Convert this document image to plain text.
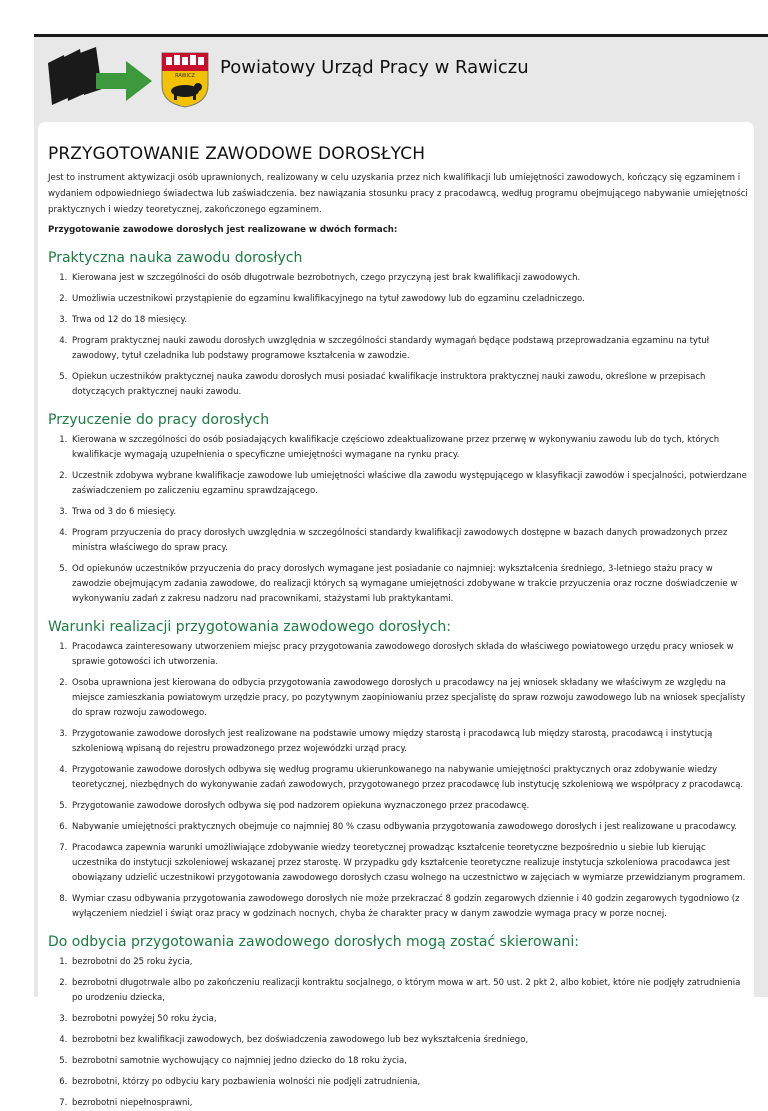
RAWICZ Powiatowy Urząd Pracy w Rawiczu
PRZYGOTOWANIE ZAWODOWE DOROSŁYCH

Jest to instrument aktywizacji osób uprawnionych, realizowany w celu uzyskania przez nich kwalifikacji lub umiejętności zawodowych, kończący się egzaminem i wydaniem odpowiedniego świadectwa lub zaświadczenia. bez nawiązania stosunku pracy z pracodawcą, według programu obejmującego nabywanie umiejętności praktycznych i wiedzy teoretycznej, zakończonego egzaminem.

Przygotowanie zawodowe dorosłych jest realizowane w dwóch formach:

Praktyczna nauka zawodu dorosłych
1. Kierowana jest w szczególności do osób długotrwale bezrobotnych, czego przyczyną jest brak kwalifikacji zawodowych.
2. Umożliwia uczestnikowi przystąpienie do egzaminu kwalifikacyjnego na tytuł zawodowy lub do egzaminu czeladniczego.
3. Trwa od 12 do 18 miesięcy.
4. Program praktycznej nauki zawodu dorosłych uwzględnia w szczególności standardy wymagań będące podstawą przeprowadzania egzaminu na tytuł zawodowy, tytuł czeladnika lub podstawy programowe kształcenia w zawodzie.
5. Opiekun uczestników praktycznej nauka zawodu dorosłych musi posiadać kwalifikacje instruktora praktycznej nauki zawodu, określone w przepisach dotyczących praktycznej nauki zawodu.
Przyuczenie do pracy dorosłych
1. Kierowana w szczególności do osób posiadających kwalifikacje częściowo zdeaktualizowane przez przerwę w wykonywaniu zawodu lub do tych, których kwalifikacje wymagają uzupełnienia o specyficzne umiejętności wymagane na rynku pracy.
2. Uczestnik zdobywa wybrane kwalifikacje zawodowe lub umiejętności właściwe dla zawodu występującego w klasyfikacji zawodów i specjalności, potwierdzane zaświadczeniem po zaliczeniu egzaminu sprawdzającego.
3. Trwa od 3 do 6 miesięcy.
4. Program przyuczenia do pracy dorosłych uwzględnia w szczególności standardy kwalifikacji zawodowych dostępne w bazach danych prowadzonych przez ministra właściwego do spraw pracy.
5. Od opiekunów uczestników przyuczenia do pracy dorosłych wymagane jest posiadanie co najmniej: wykształcenia średniego, 3-letniego stażu pracy w zawodzie obejmującym zadania zawodowe, do realizacji których są wymagane umiejętności zdobywane w trakcie przyuczenia oraz roczne doświadczenie w wykonywaniu zadań z zakresu nadzoru nad pracownikami, stażystami lub praktykantami.
Warunki realizacji przygotowania zawodowego dorosłych:
1. Pracodawca zainteresowany utworzeniem miejsc pracy przygotowania zawodowego dorosłych składa do właściwego powiatowego urzędu pracy wniosek w sprawie gotowości ich utworzenia.
2. Osoba uprawniona jest kierowana do odbycia przygotowania zawodowego dorosłych u pracodawcy na jej wniosek składany we właściwym ze względu na miejsce zamieszkania powiatowym urzędzie pracy, po pozytywnym zaopiniowaniu przez specjalistę do spraw rozwoju zawodowego lub na wniosek specjalisty do spraw rozwoju zawodowego.
3. Przygotowanie zawodowe dorosłych jest realizowane na podstawie umowy między starostą i pracodawcą lub między starostą, pracodawcą i instytucją szkoleniową wpisaną do rejestru prowadzonego przez wojewódzki urząd pracy.
4. Przygotowanie zawodowe dorosłych odbywa się według programu ukierunkowanego na nabywanie umiejętności praktycznych oraz zdobywanie wiedzy teoretycznej, niezbędnych do wykonywanie zadań zawodowych, przygotowanego przez pracodawcę lub instytucję szkoleniową we współpracy z pracodawcą.
5. Przygotowanie zawodowe dorosłych odbywa się pod nadzorem opiekuna wyznaczonego przez pracodawcę.
6. Nabywanie umiejętności praktycznych obejmuje co najmniej 80 % czasu odbywania przygotowania zawodowego dorosłych i jest realizowane u pracodawcy.
7. Pracodawca zapewnia warunki umożliwiające zdobywanie wiedzy teoretycznej prowadząc kształcenie teoretyczne bezpośrednio u siebie lub kierując uczestnika do instytucji szkoleniowej wskazanej przez starostę. W przypadku gdy kształcenie teoretyczne realizuje instytucja szkoleniowa pracodawca jest obowiązany udzielić uczestnikowi przygotowania zawodowego dorosłych czasu wolnego na uczestnictwo w zajęciach w wymiarze przewidzianym programem.
8. Wymiar czasu odbywania przygotowania zawodowego dorosłych nie może przekraczać 8 godzin zegarowych dziennie i 40 godzin zegarowych tygodniowo (z wyłączeniem niedziel i świąt oraz pracy w godzinach nocnych, chyba że charakter pracy w danym zawodzie wymaga pracy w porze nocnej.
Do odbycia przygotowania zawodowego dorosłych mogą zostać skierowani:
1. bezrobotni do 25 roku życia,
2. bezrobotni długotrwale albo po zakończeniu realizacji kontraktu socjalnego, o którym mowa w art. 50 ust. 2 pkt 2, albo kobiet, które nie podjęły zatrudnienia po urodzeniu dziecka,
3. bezrobotni powyżej 50 roku życia,
4. bezrobotni bez kwalifikacji zawodowych, bez doświadczenia zawodowego lub bez wykształcenia średniego,
5. bezrobotni samotnie wychowujący co najmniej jedno dziecko do 18 roku życia,
6. bezrobotni, którzy po odbyciu kary pozbawienia wolności nie podjęli zatrudnienia,
7. bezrobotni niepełnosprawni,
